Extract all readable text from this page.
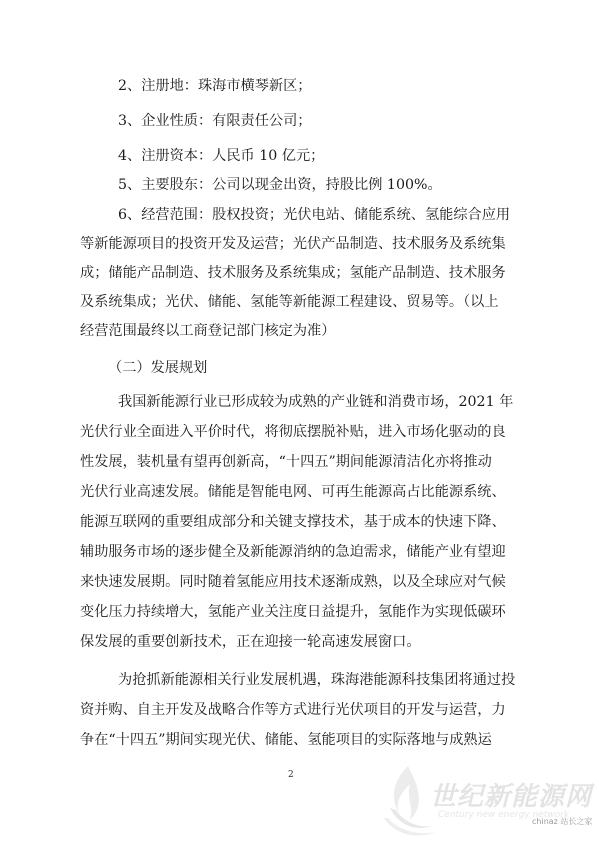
2、注册地：珠海市横琴新区；
3、企业性质：有限责任公司；
4、注册资本：人民币 10 亿元；
5、主要股东：公司以现金出资，持股比例 100%。
6、经营范围：股权投资；光伏电站、储能系统、氢能综合应用
等新能源项目的投资开发及运营；光伏产品制造、技术服务及系统集
成；储能产品制造、技术服务及系统集成；氢能产品制造、技术服务
及系统集成；光伏、储能、氢能等新能源工程建设、贸易等。（以上
经营范围最终以工商登记部门核定为准）
（二）发展规划
我国新能源行业已形成较为成熟的产业链和消费市场，2021 年
光伏行业全面进入平价时代，将彻底摆脱补贴，进入市场化驱动的良
性发展，装机量有望再创新高，“十四五”期间能源清洁化亦将推动
光伏行业高速发展。储能是智能电网、可再生能源高占比能源系统、
能源互联网的重要组成部分和关键支撑技术，基于成本的快速下降、
辅助服务市场的逐步健全及新能源消纳的急迫需求，储能产业有望迎
来快速发展期。同时随着氢能应用技术逐渐成熟，以及全球应对气候
变化压力持续增大，氢能产业关注度日益提升，氢能作为实现低碳环
保发展的重要创新技术，正在迎接一轮高速发展窗口。
为抢抓新能源相关行业发展机遇，珠海港能源科技集团将通过投
资并购、自主开发及战略合作等方式进行光伏项目的开发与运营，力
争在“十四五”期间实现光伏、储能、氢能项目的实际落地与成熟运
2
世纪新能源网
Century new energy network
chinaz 站长之家
